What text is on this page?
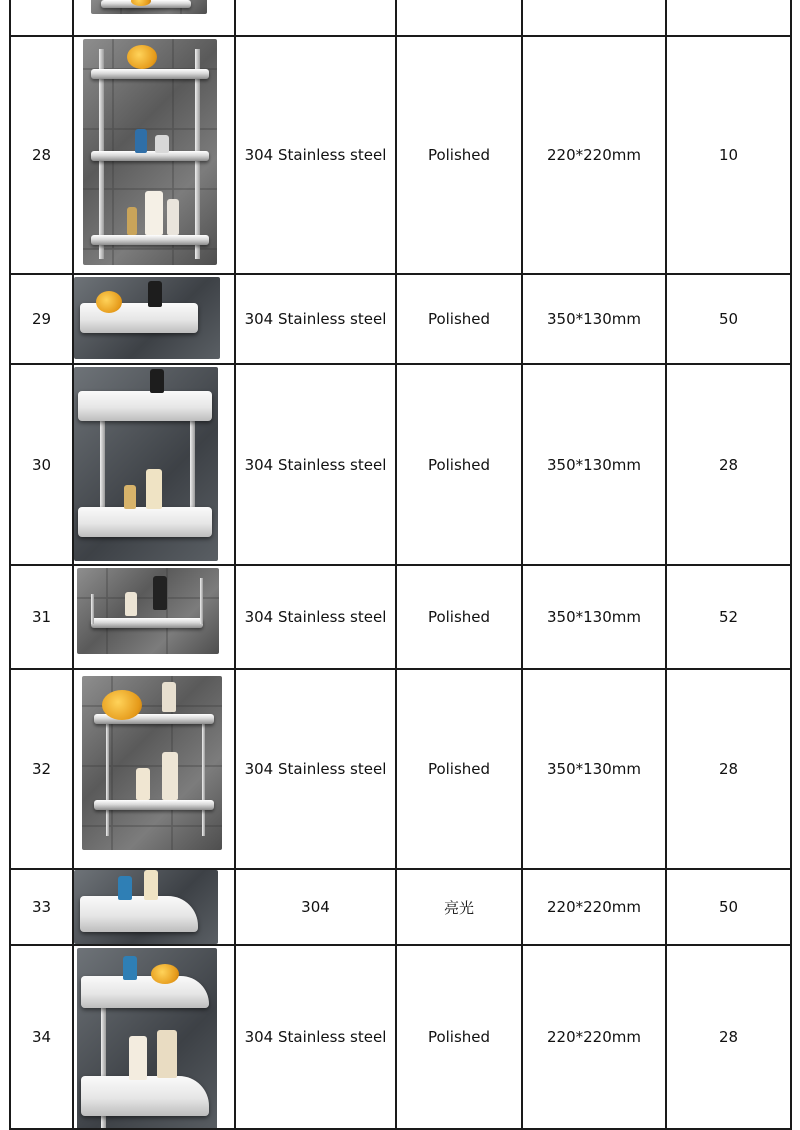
28		304 Stainless steel	Polished	220*220mm	10
29		304 Stainless steel	Polished	350*130mm	50
30		304 Stainless steel	Polished	350*130mm	28
31		304 Stainless steel	Polished	350*130mm	52
32		304 Stainless steel	Polished	350*130mm	28
33		304	亮光	220*220mm	50
34		304 Stainless steel	Polished	220*220mm	28
